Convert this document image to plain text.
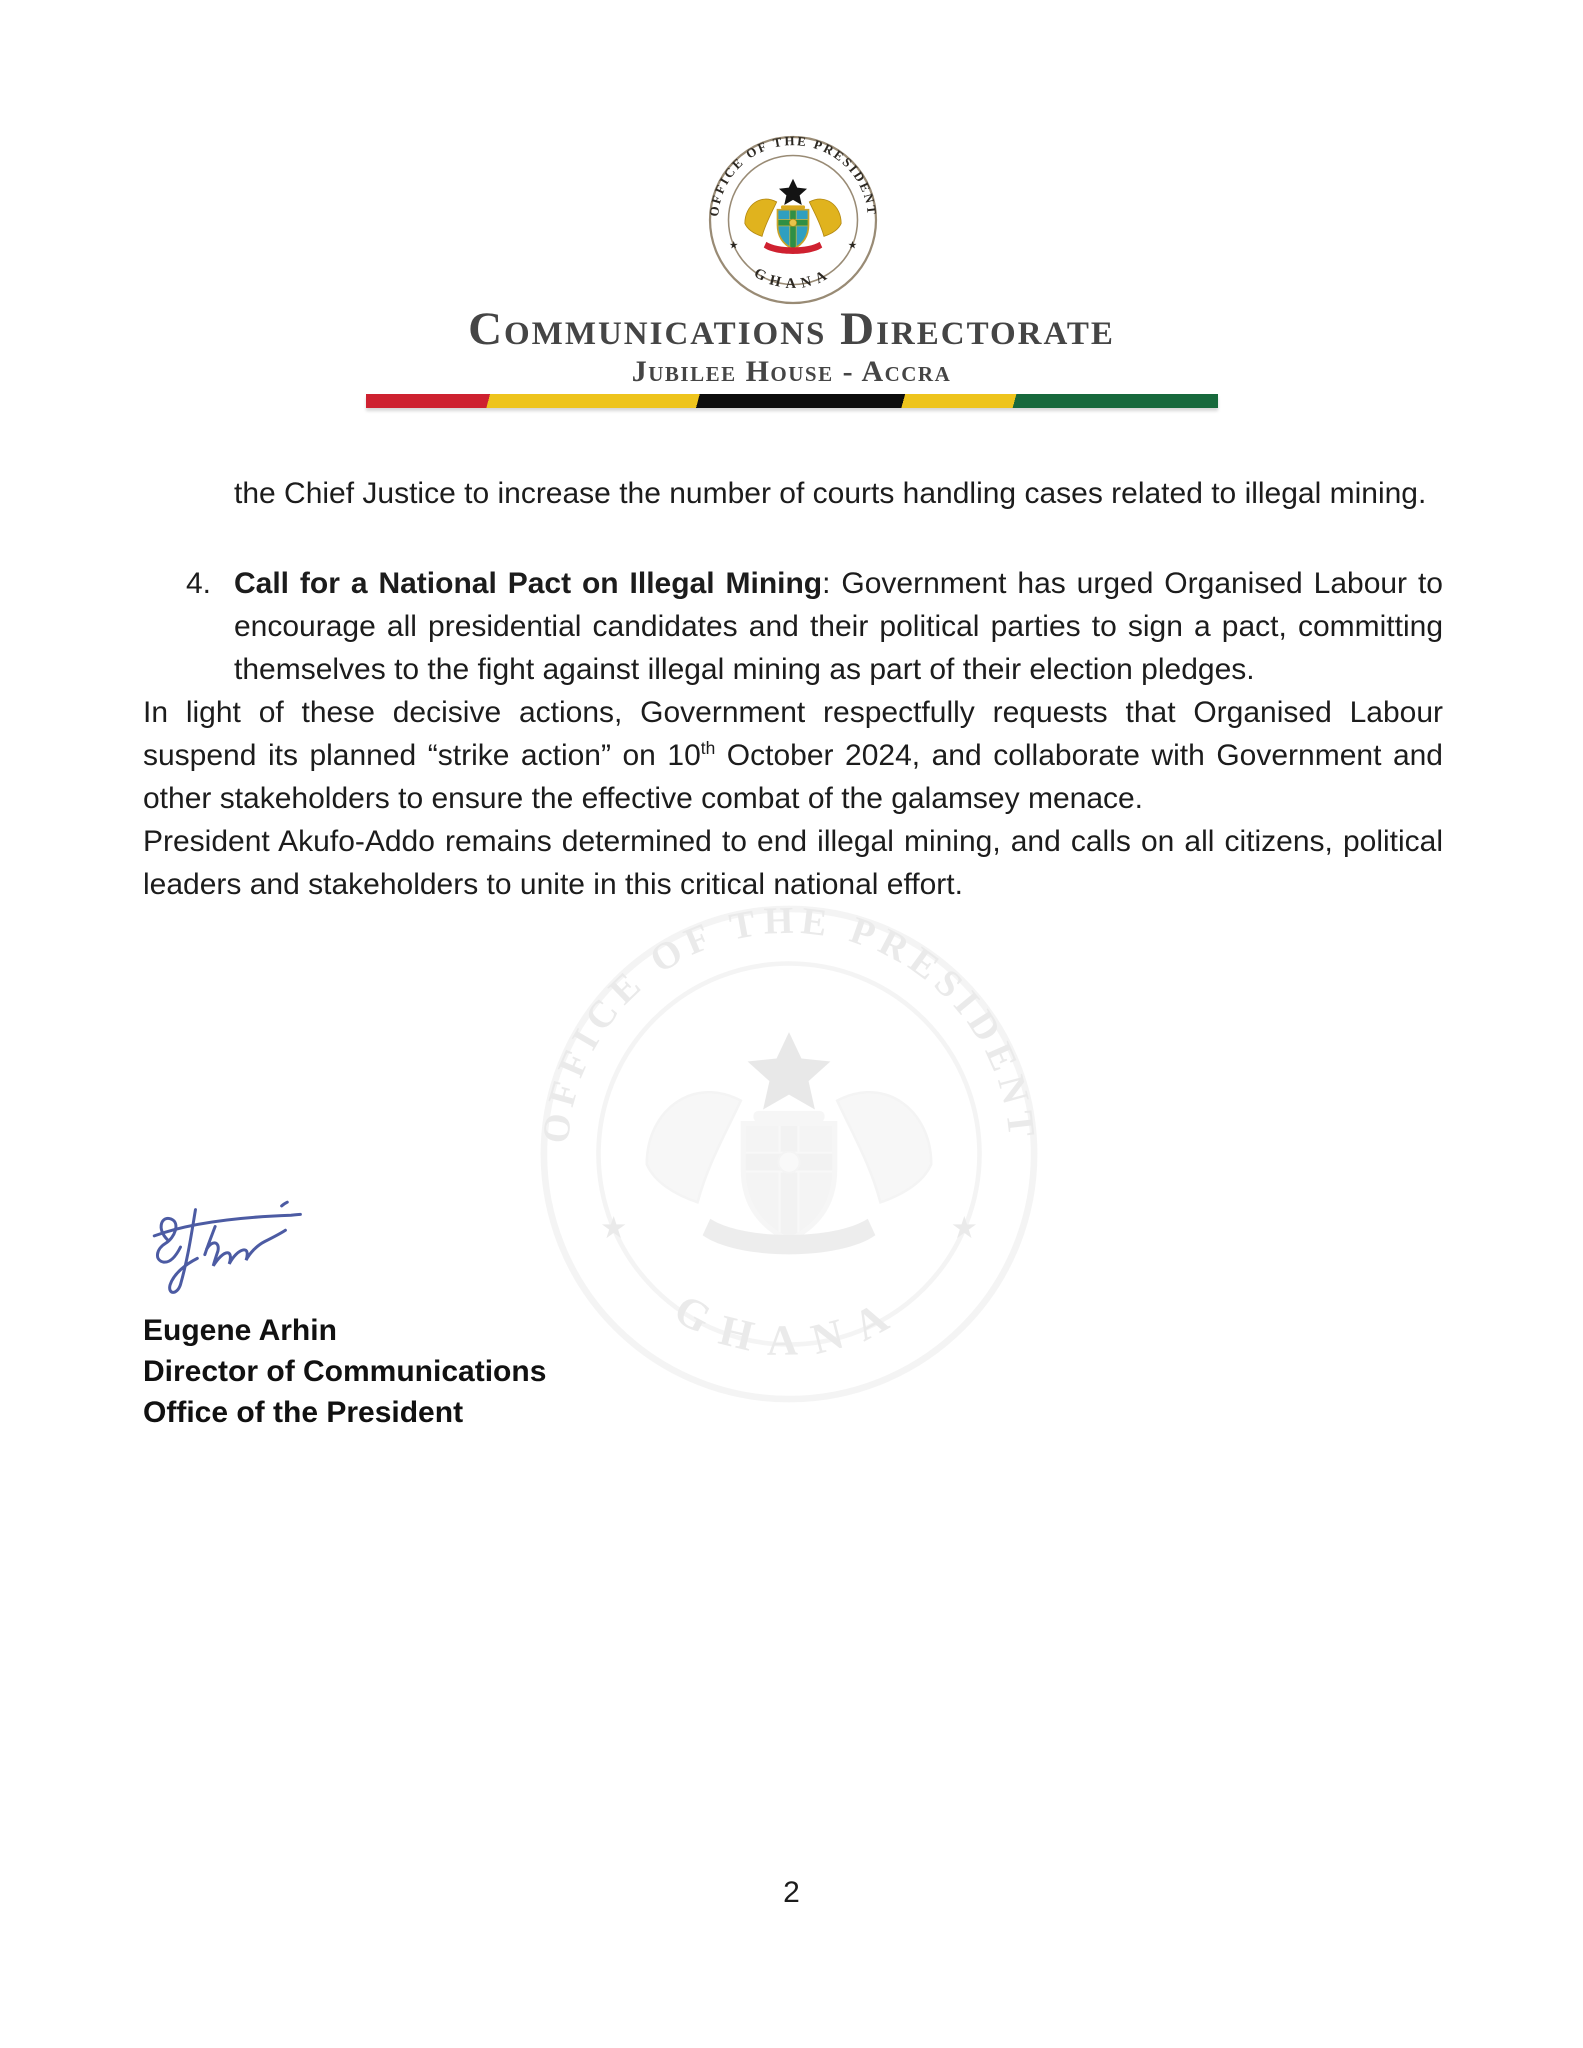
Communications Directorate
Jubilee House - Accra

the Chief Justice to increase the number of courts handling cases related to illegal mining.

4. Call for a National Pact on Illegal Mining: Government has urged Organised Labour to encourage all presidential candidates and their political parties to sign a pact, committing themselves to the fight against illegal mining as part of their election pledges.

In light of these decisive actions, Government respectfully requests that Organised Labour suspend its planned “strike action” on 10th October 2024, and collaborate with Government and other stakeholders to ensure the effective combat of the galamsey menace.

President Akufo-Addo remains determined to end illegal mining, and calls on all citizens, political leaders and stakeholders to unite in this critical national effort.

Eugene Arhin
Director of Communications
Office of the President
2
